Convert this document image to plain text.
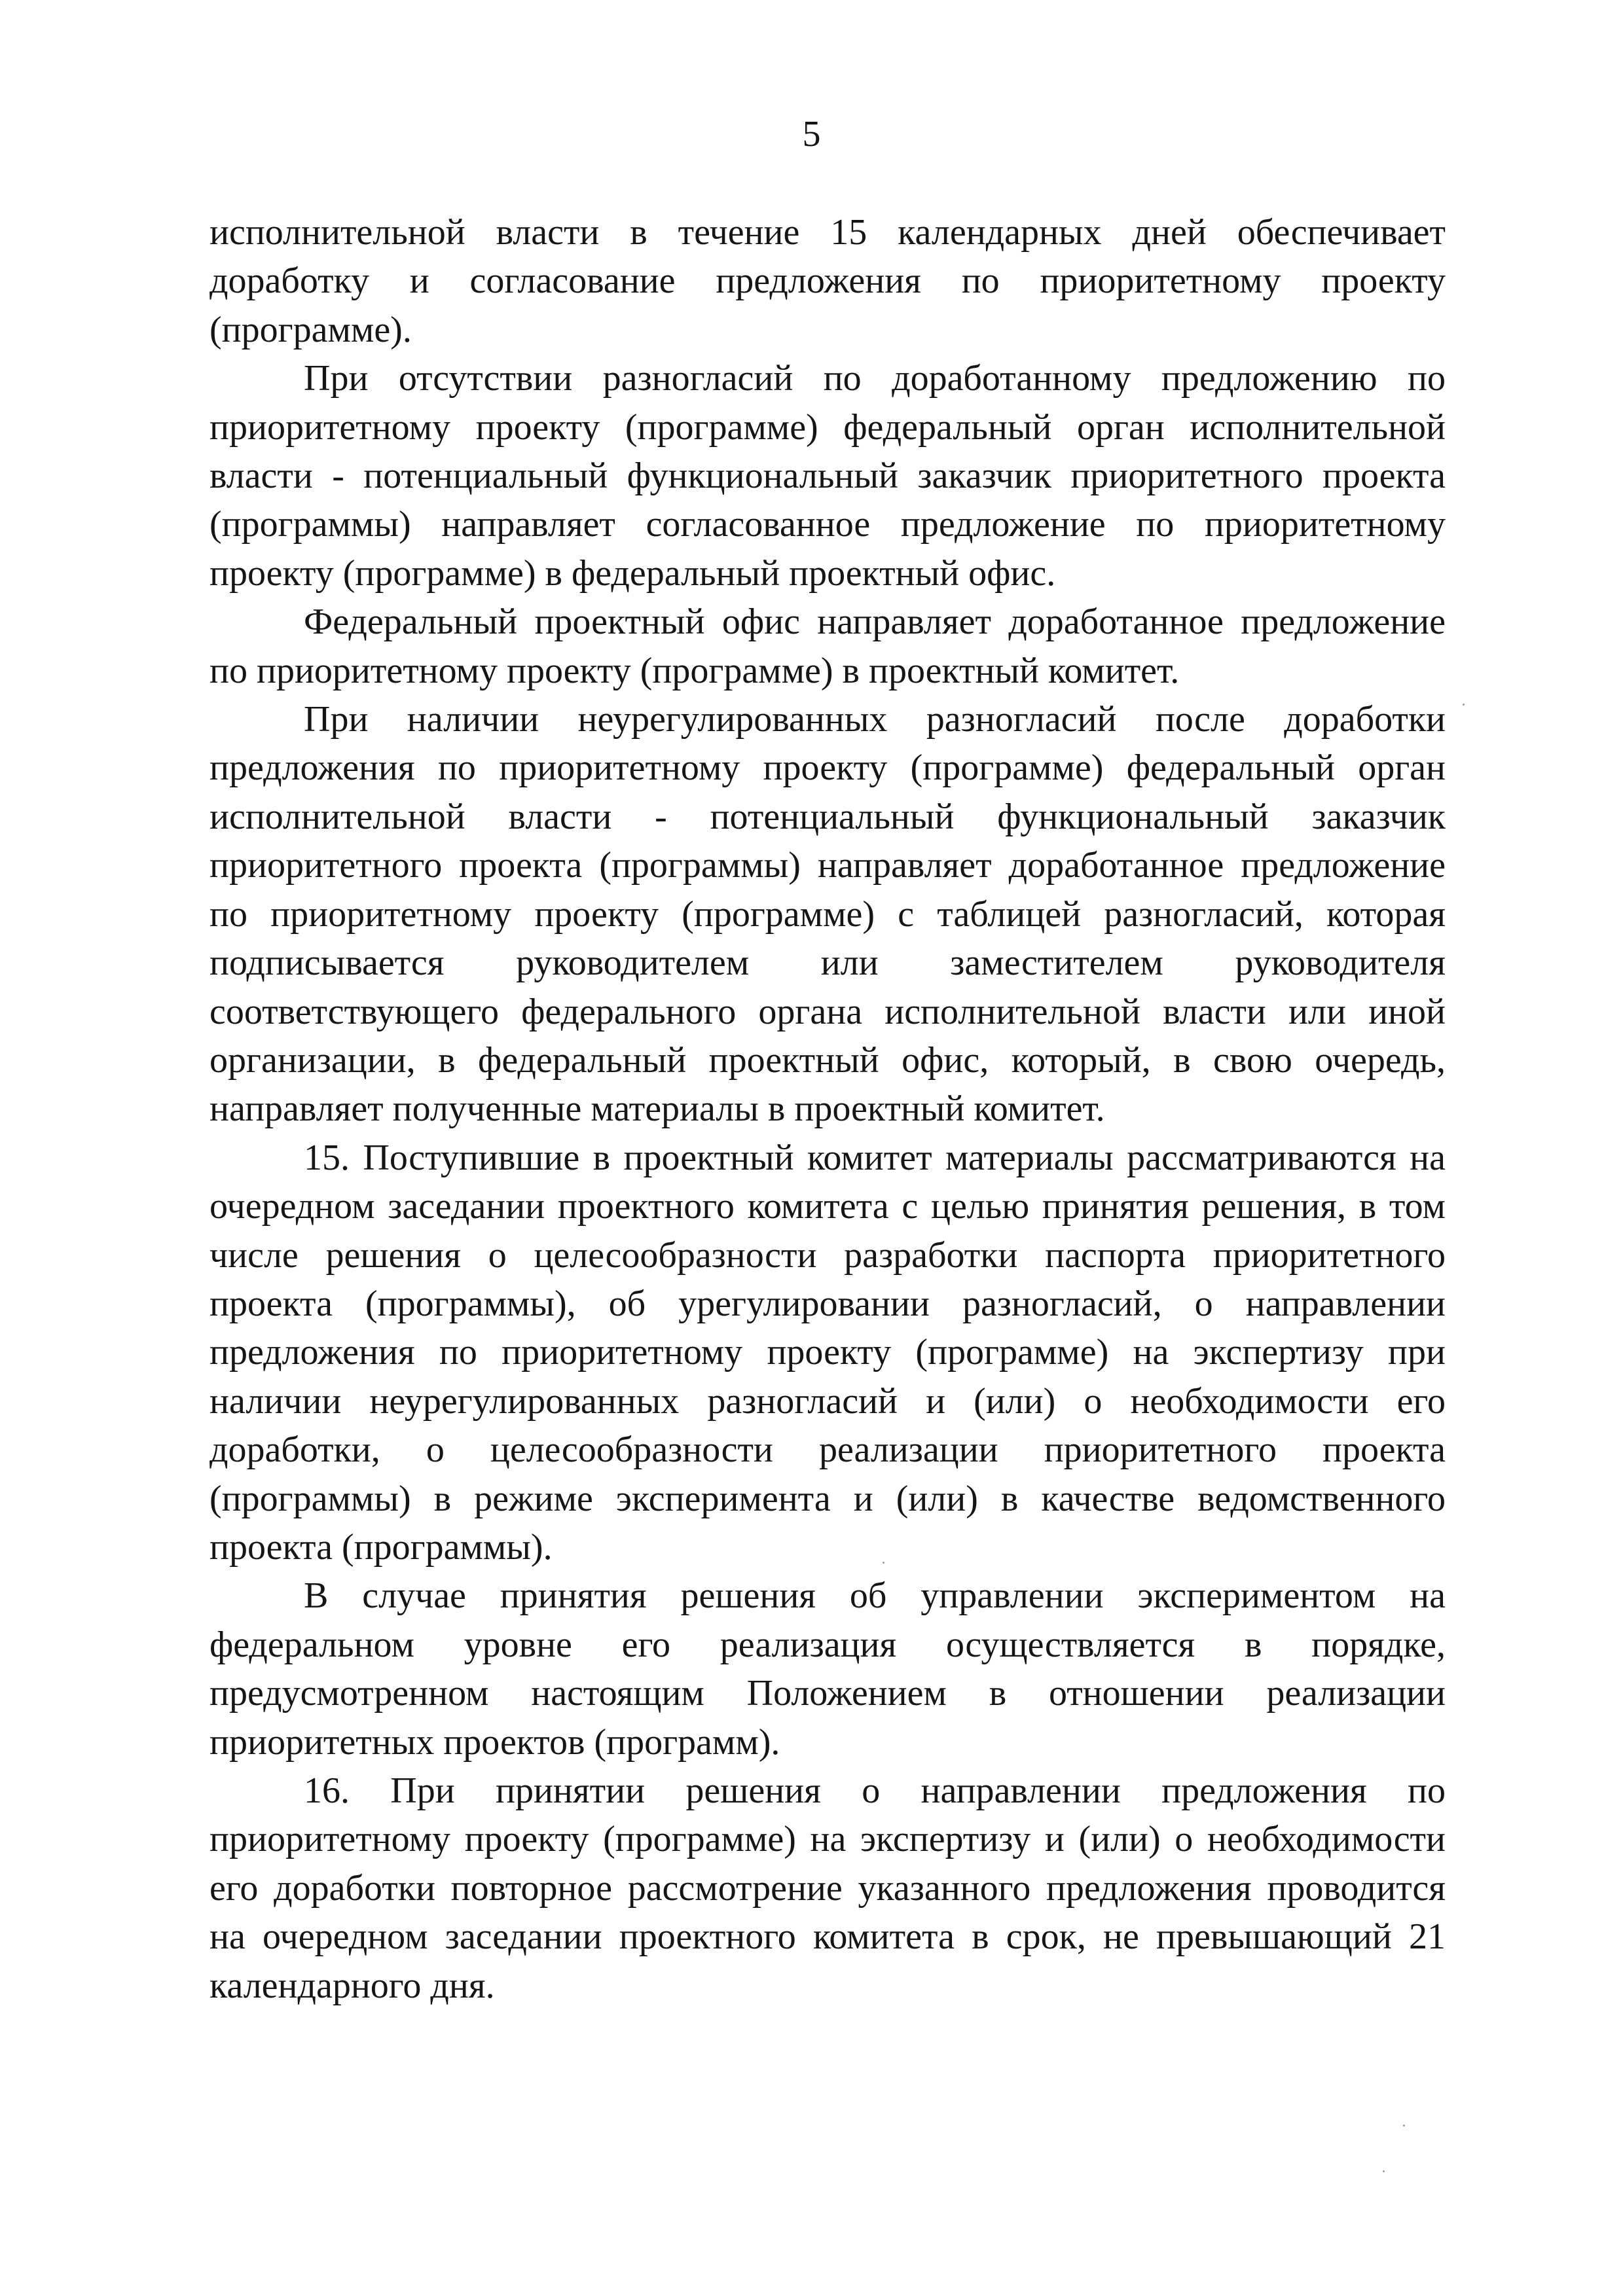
5

исполнительной власти в течение 15 календарных дней обеспечивает доработку и согласование предложения по приоритетному проекту (программе).

При отсутствии разногласий по доработанному предложению по приоритетному проекту (программе) федеральный орган исполнительной власти - потенциальный функциональный заказчик приоритетного проекта (программы) направляет согласованное предложение по приоритетному проекту (программе) в федеральный проектный офис.

Федеральный проектный офис направляет доработанное предложение по приоритетному проекту (программе) в проектный комитет.

При наличии неурегулированных разногласий после доработки предложения по приоритетному проекту (программе) федеральный орган исполнительной власти - потенциальный функциональный заказчик приоритетного проекта (программы) направляет доработанное предложение по приоритетному проекту (программе) с таблицей разногласий, которая подписывается руководителем или заместителем руководителя соответствующего федерального органа исполнительной власти или иной организации, в федеральный проектный офис, который, в свою очередь, направляет полученные материалы в проектный комитет.

15. Поступившие в проектный комитет материалы рассматриваются на очередном заседании проектного комитета с целью принятия решения, в том числе решения о целесообразности разработки паспорта приоритетного проекта (программы), об урегулировании разногласий, о направлении предложения по приоритетному проекту (программе) на экспертизу при наличии неурегулированных разногласий и (или) о необходимости его доработки, о целесообразности реализации приоритетного проекта (программы) в режиме эксперимента и (или) в качестве ведомственного проекта (программы).

В случае принятия решения об управлении экспериментом на федеральном уровне его реализация осуществляется в порядке, предусмотренном настоящим Положением в отношении реализации приоритетных проектов (программ).

16. При принятии решения о направлении предложения по приоритетному проекту (программе) на экспертизу и (или) о необходимости его доработки повторное рассмотрение указанного предложения проводится на очередном заседании проектного комитета в срок, не превышающий 21 календарного дня.
